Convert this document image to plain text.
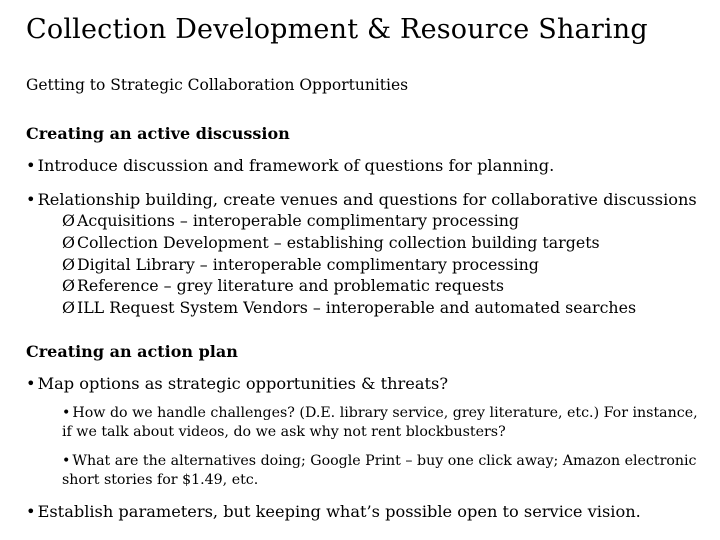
Collection Development & Resource Sharing
Getting to Strategic Collaboration Opportunities
Creating an active discussion
• Introduce discussion and framework of questions for planning.
• Relationship building, create venues and questions for collaborative discussions
Ø Acquisitions – interoperable complimentary processing
Ø Collection Development – establishing collection building targets
Ø Digital Library – interoperable complimentary processing
Ø Reference – grey literature and problematic requests
Ø ILL Request System Vendors – interoperable and automated searches
Creating an action plan
• Map options as strategic opportunities & threats?
• How do we handle challenges? (D.E. library service, grey literature, etc.) For instance, if we talk about videos, do we ask why not rent blockbusters?
• What are the alternatives doing; Google Print – buy one click away; Amazon electronic short stories for $1.49, etc.
• Establish parameters, but keeping what’s possible open to service vision.
